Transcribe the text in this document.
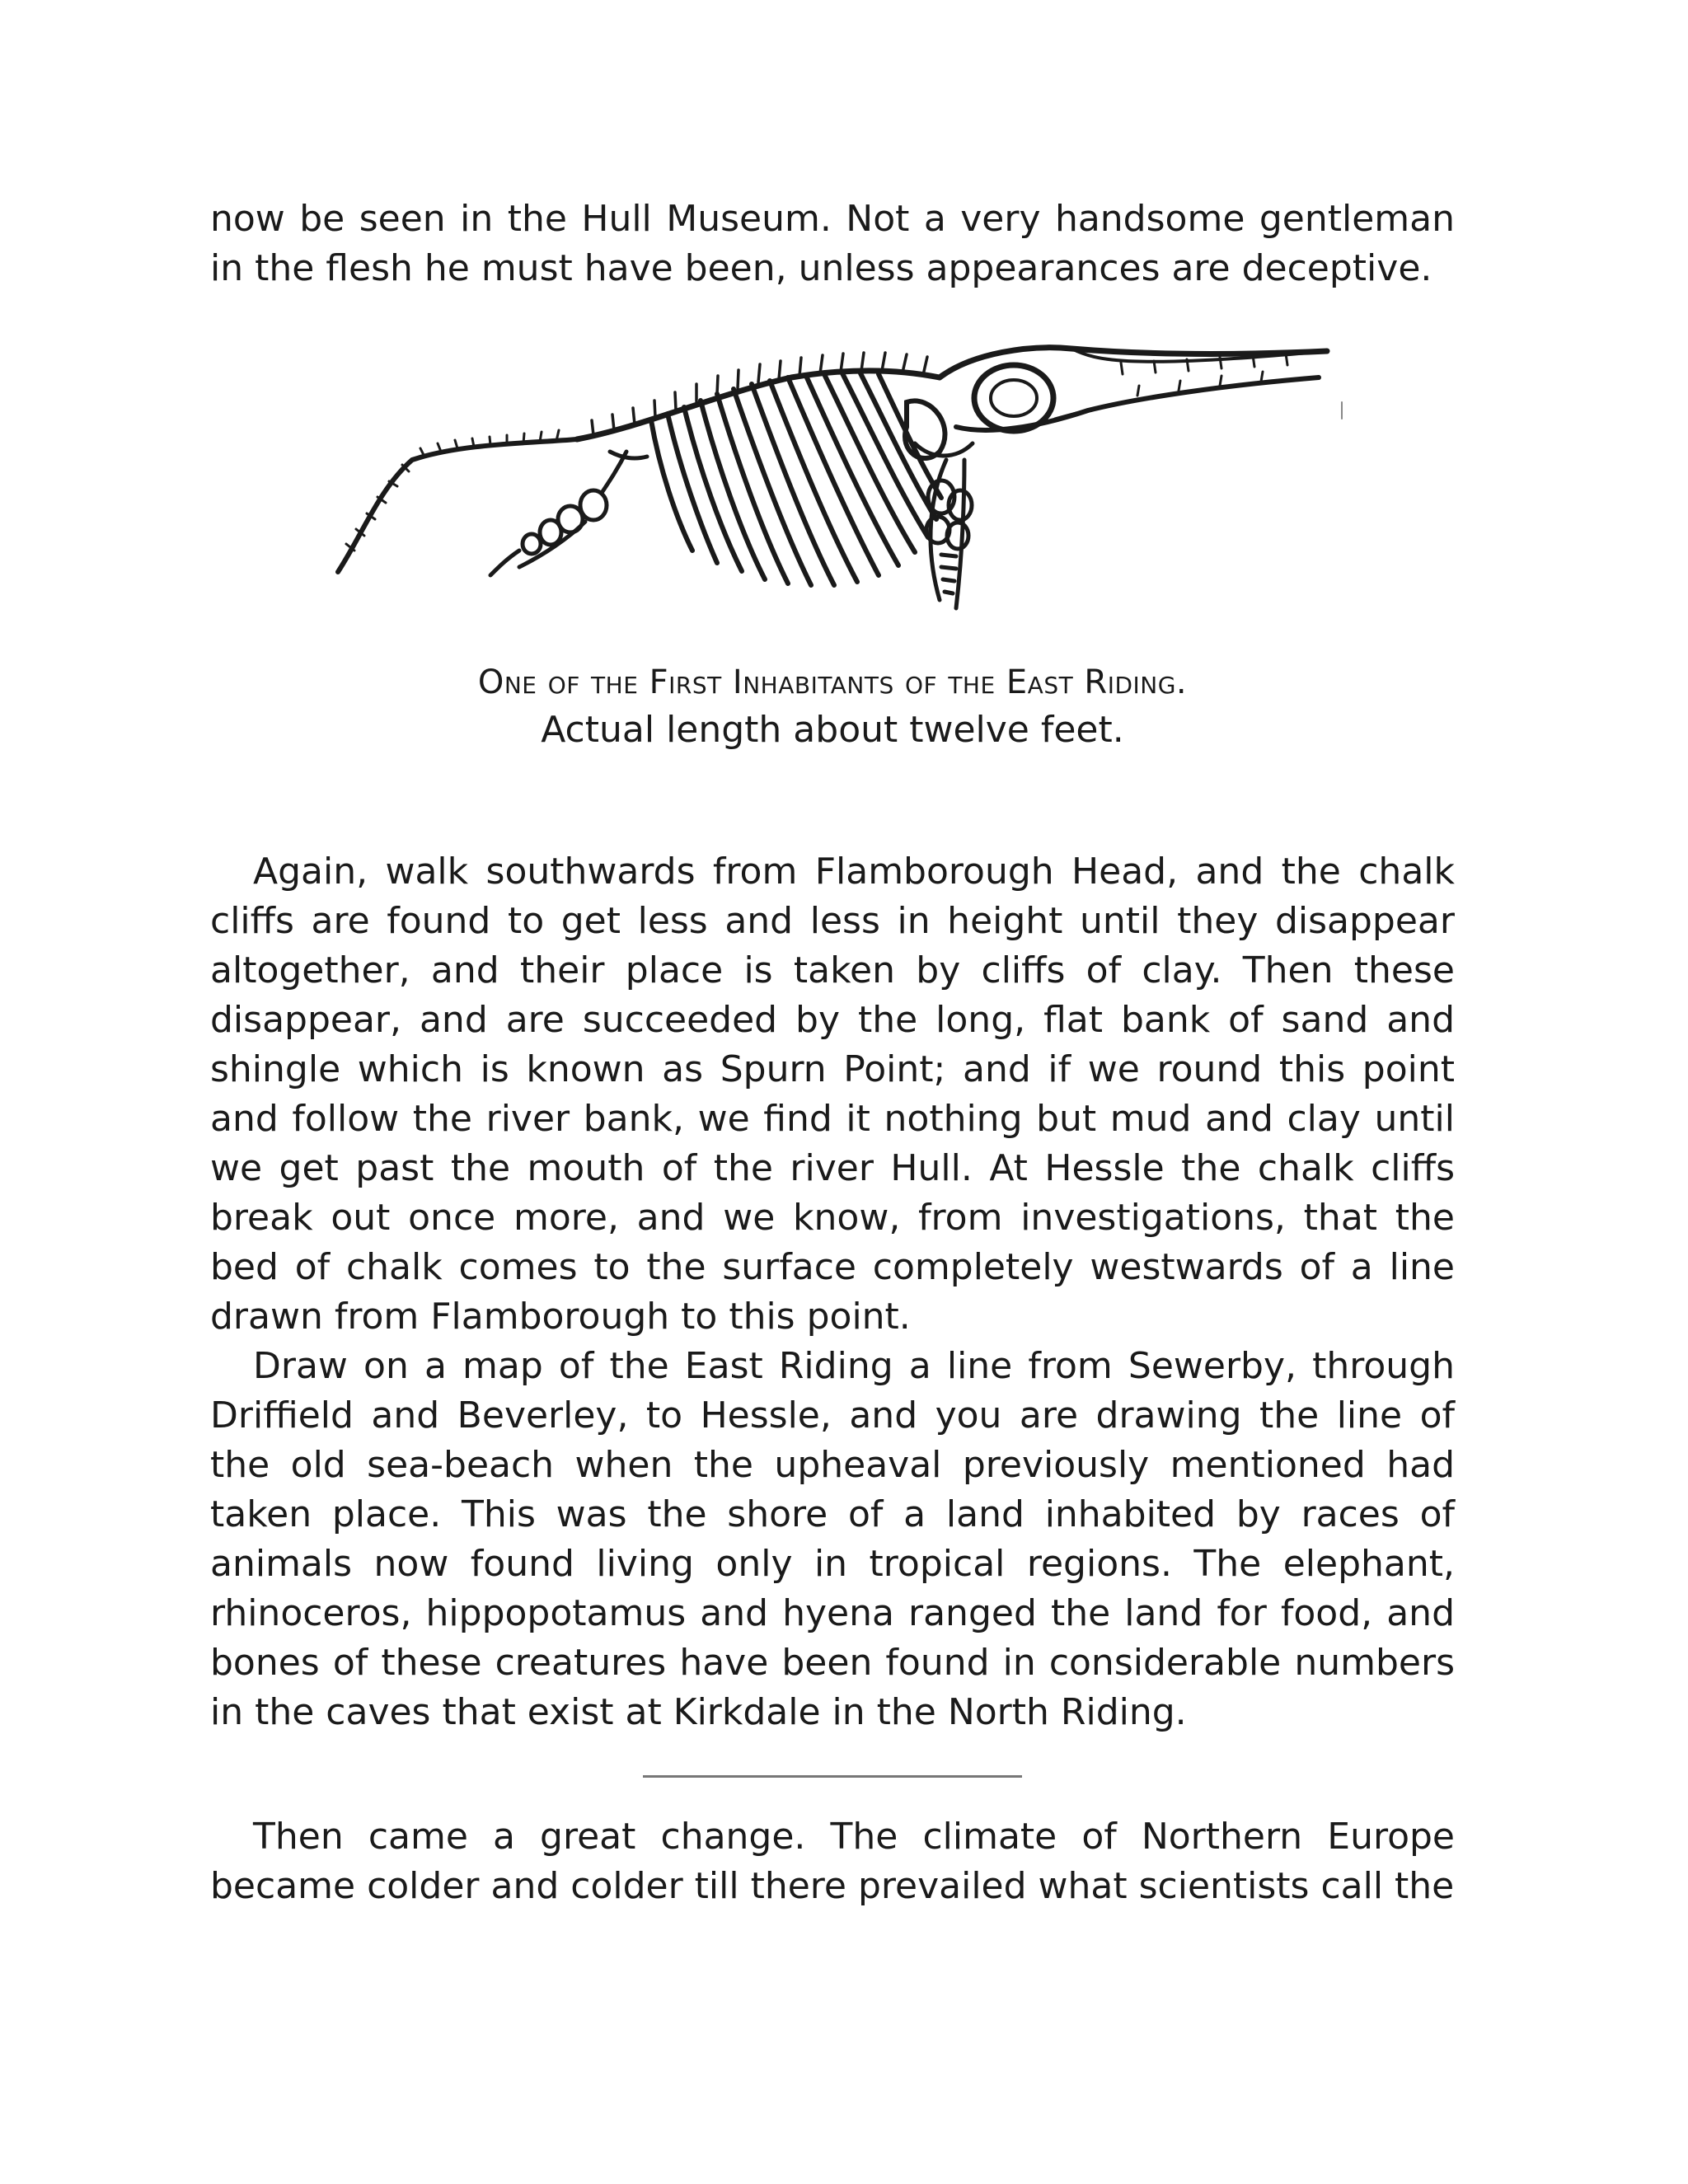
now be seen in the Hull Museum. Not a very handsome gentleman in the flesh he must have been, unless appearances are deceptive.

One of the First Inhabitants of the East Riding.
Actual length about twelve feet.

Again, walk southwards from Flamborough Head, and the chalk cliffs are found to get less and less in height until they disappear altogether, and their place is taken by cliffs of clay. Then these disappear, and are succeeded by the long, flat bank of sand and shingle which is known as Spurn Point; and if we round this point and follow the river bank, we find it nothing but mud and clay until we get past the mouth of the river Hull. At Hessle the chalk cliffs break out once more, and we know, from investigations, that the bed of chalk comes to the surface completely westwards of a line drawn from Flamborough to this point.

Draw on a map of the East Riding a line from Sewerby, through Driffield and Beverley, to Hessle, and you are drawing the line of the old sea-beach when the upheaval previously mentioned had taken place. This was the shore of a land inhabited by races of animals now found living only in tropical regions. The elephant, rhinoceros, hippopotamus and hyena ranged the land for food, and bones of these creatures have been found in considerable numbers in the caves that exist at Kirkdale in the North Riding.

Then came a great change. The climate of Northern Europe became colder and colder till there prevailed what scientists call the
